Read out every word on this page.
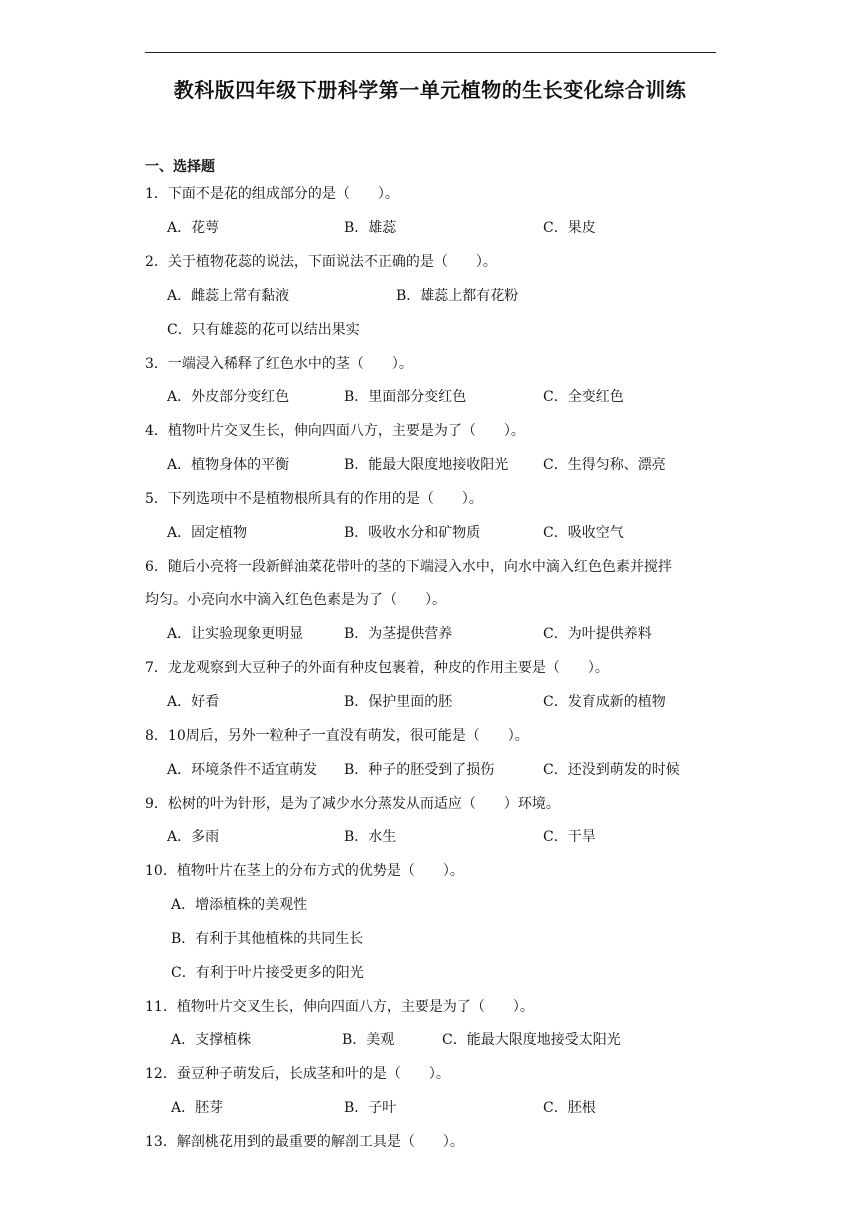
教科版四年级下册科学第一单元植物的生长变化综合训练
一、选择题
1．下面不是花的组成部分的是（　　）。
A．花萼	B．雄蕊	C．果皮
2．关于植物花蕊的说法，下面说法不正确的是（　　）。
A．雌蕊上常有黏液	B．雄蕊上都有花粉
C．只有雄蕊的花可以结出果实
3．一端浸入稀释了红色水中的茎（　　）。
A．外皮部分变红色	B．里面部分变红色	C．全变红色
4．植物叶片交叉生长，伸向四面八方，主要是为了（　　）。
A．植物身体的平衡	B．能最大限度地接收阳光 C．生得匀称、漂亮
5．下列选项中不是植物根所具有的作用的是（　　）。
A．固定植物	B．吸收水分和矿物质	C．吸收空气
6．随后小亮将一段新鲜油菜花带叶的茎的下端浸入水中，向水中滴入红色色素并搅拌
均匀。小亮向水中滴入红色色素是为了（　　）。
A．让实验现象更明显	B．为茎提供营养	C．为叶提供养料
7．龙龙观察到大豆种子的外面有种皮包裹着，种皮的作用主要是（　　）。
A．好看	B．保护里面的胚	C．发育成新的植物
8．10周后，另外一粒种子一直没有萌发，很可能是（　　）。
A．环境条件不适宜萌发 B．种子的胚受到了损伤	C．还没到萌发的时候
9．松树的叶为针形，是为了减少水分蒸发从而适应（　　）环境。
A．多雨	B．水生	C．干旱
10．植物叶片在茎上的分布方式的优势是（　　）。
A．增添植株的美观性
B．有利于其他植株的共同生长
C．有利于叶片接受更多的阳光
11．植物叶片交叉生长，伸向四面八方，主要是为了（　　）。
A．支撑植株	B．美观	C．能最大限度地接受太阳光
12．蚕豆种子萌发后，长成茎和叶的是（　　）。
A．胚芽	B．子叶	C．胚根
13．解剖桃花用到的最重要的解剖工具是（　　）。
